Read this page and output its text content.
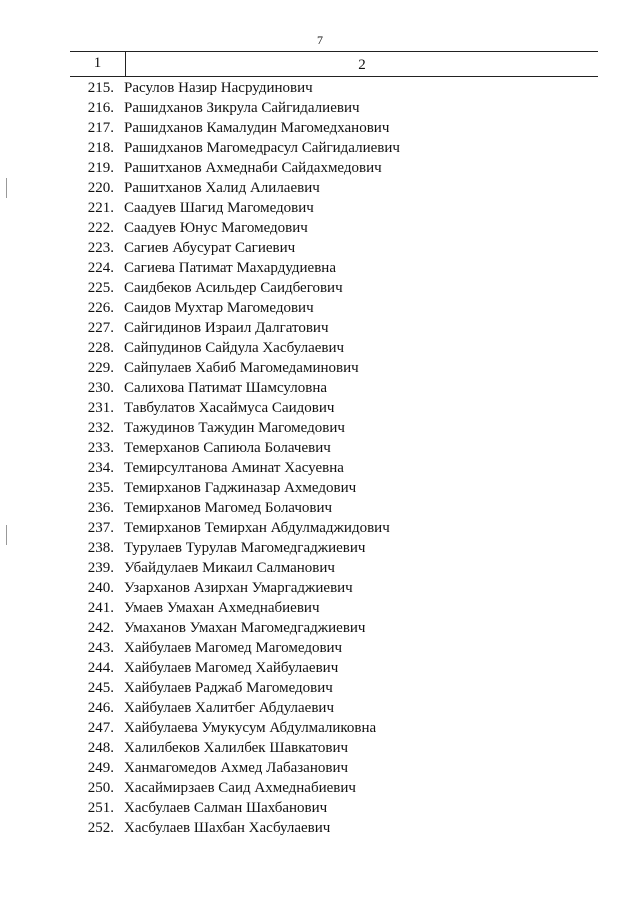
7
1	2
215. Расулов Назир Насрудинович
216. Рашидханов Зикрула Сайгидалиевич
217. Рашидханов Камалудин Магомедханович
218. Рашидханов Магомедрасул Сайгидалиевич
219. Рашитханов Ахмеднаби Сайдахмедович
220. Рашитханов Халид Алилаевич
221. Саадуев Шагид Магомедович
222. Саадуев Юнус Магомедович
223. Сагиев Абусурат Сагиевич
224. Сагиева Патимат Махардудиевна
225. Саидбеков Асильдер Саидбегович
226. Саидов Мухтар Магомедович
227. Сайгидинов Израил Далгатович
228. Сайпудинов Сайдула Хасбулаевич
229. Сайпулаев Хабиб Магомедаминович
230. Салихова Патимат Шамсуловна
231. Тавбулатов Хасаймуса Саидович
232. Тажудинов Тажудин Магомедович
233. Темерханов Сапиюла Болачевич
234. Темирсултанова Аминат Хасуевна
235. Темирханов Гаджиназар Ахмедович
236. Темирханов Магомед Болачович
237. Темирханов Темирхан Абдулмаджидович
238. Турулаев Турулав Магомедгаджиевич
239. Убайдулаев Микаил Салманович
240. Узарханов Азирхан Умаргаджиевич
241. Умаев Умахан Ахмеднабиевич
242. Умаханов Умахан Магомедгаджиевич
243. Хайбулаев Магомед Магомедович
244. Хайбулаев Магомед Хайбулаевич
245. Хайбулаев Раджаб Магомедович
246. Хайбулаев Халитбег Абдулаевич
247. Хайбулаева Умукусум Абдулмаликовна
248. Халилбеков Халилбек Шавкатович
249. Ханмагомедов Ахмед Лабазанович
250. Хасаймирзаев Саид Ахмеднабиевич
251. Хасбулаев Салман Шахбанович
252. Хасбулаев Шахбан Хасбулаевич
